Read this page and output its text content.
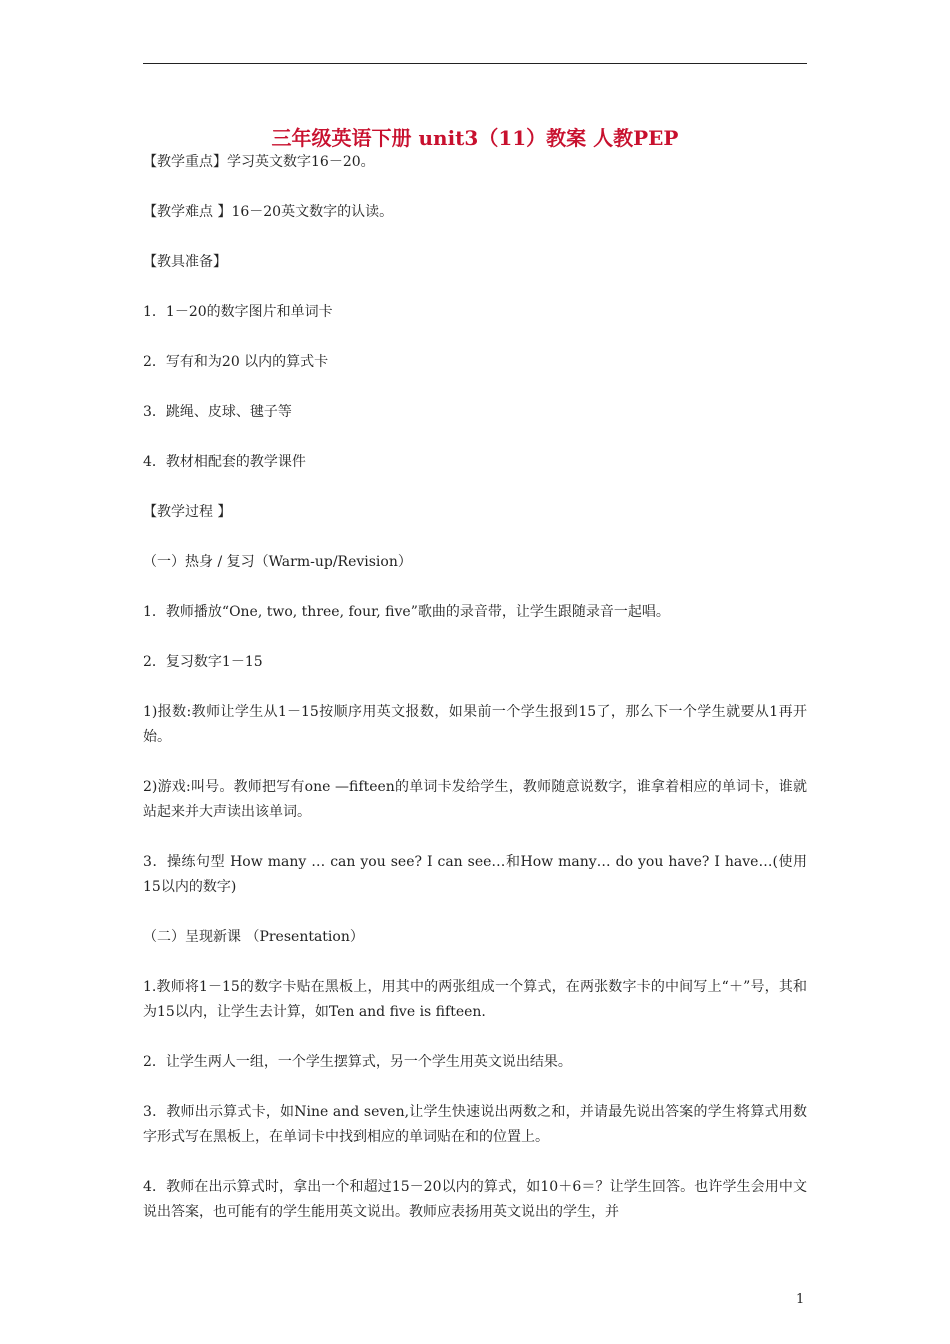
三年级英语下册 unit3（11）教案 人教PEP

【教学重点】学习英文数字16－20。

【教学难点 】16－20英文数字的认读。

【教具准备】

1．1－20的数字图片和单词卡

2．写有和为20 以内的算式卡

3．跳绳、皮球、毽子等

4．教材相配套的教学课件

【教学过程 】

（一）热身 / 复习（Warm-up/Revision）

1．教师播放“One, two, three, four, five”歌曲的录音带，让学生跟随录音一起唱。

2．复习数字1－15

1)报数:教师让学生从1－15按顺序用英文报数，如果前一个学生报到15了，那么下一个学生就要从1再开始。

2)游戏:叫号。教师把写有one —fifteen的单词卡发给学生，教师随意说数字，谁拿着相应的单词卡，谁就站起来并大声读出该单词。

3．操练句型 How many … can you see? I can see…和How many… do you have? I have…(使用15以内的数字)

（二）呈现新课 （Presentation）

1.教师将1－15的数字卡贴在黑板上，用其中的两张组成一个算式，在两张数字卡的中间写上“＋”号，其和为15以内，让学生去计算，如Ten and five is fifteen.

2．让学生两人一组，一个学生摆算式，另一个学生用英文说出结果。

3．教师出示算式卡，如Nine and seven,让学生快速说出两数之和，并请最先说出答案的学生将算式用数字形式写在黑板上，在单词卡中找到相应的单词贴在和的位置上。

4．教师在出示算式时，拿出一个和超过15－20以内的算式，如10＋6＝？让学生回答。也许学生会用中文说出答案，也可能有的学生能用英文说出。教师应表扬用英文说出的学生，并

1
